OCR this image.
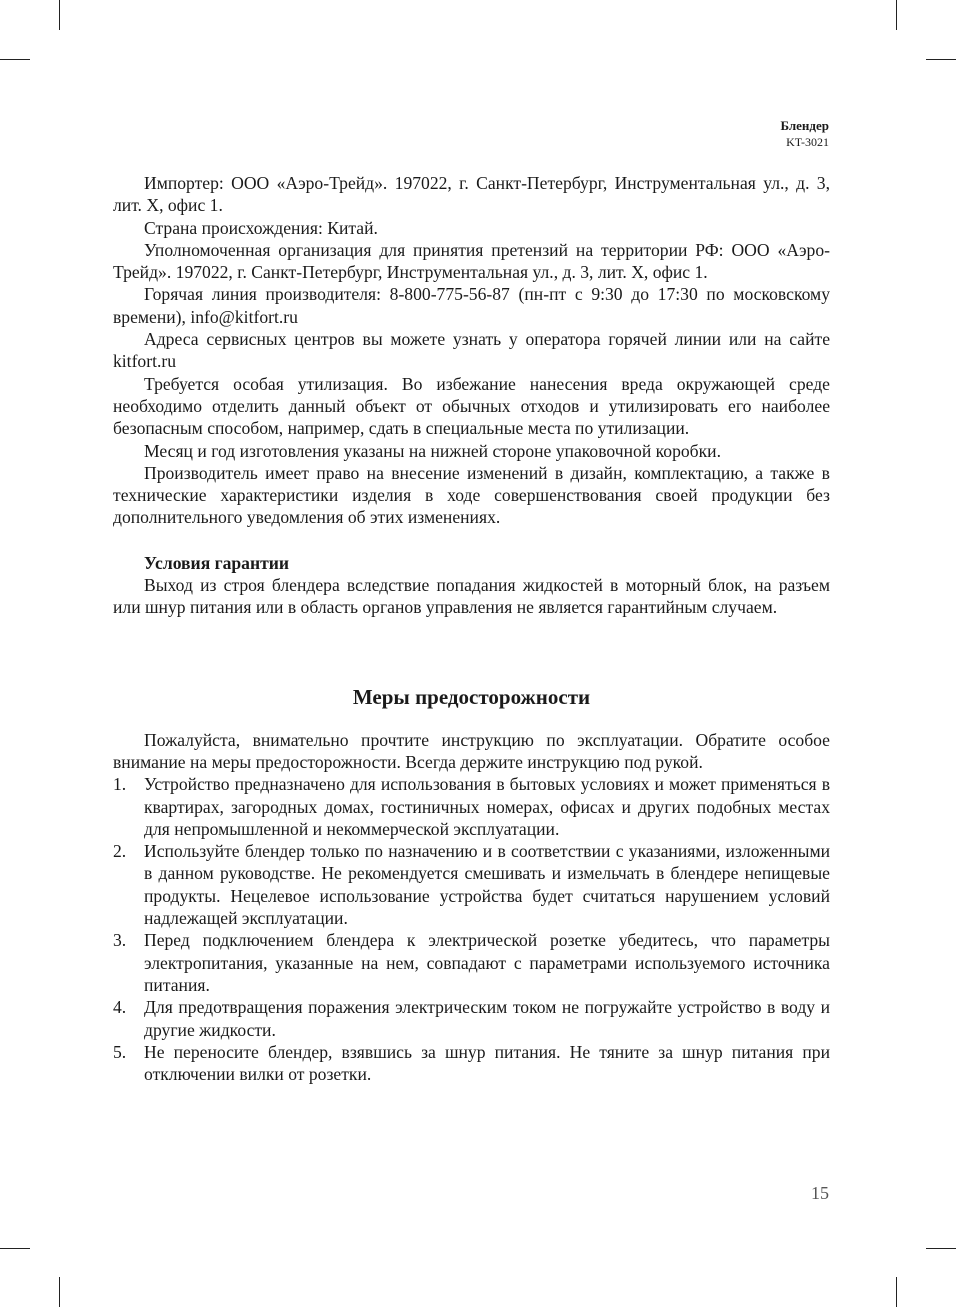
Блендер
KT-3021

Импортер: ООО «Аэро-Трейд». 197022, г. Санкт-Петербург, Инструментальная ул., д. 3, лит. Х, офис 1.

Страна происхождения: Китай.

Уполномоченная организация для принятия претензий на территории РФ: ООО «Аэро-Трейд». 197022, г. Санкт-Петербург, Инструментальная ул., д. 3, лит. Х, офис 1.

Горячая линия производителя: 8-800-775-56-87 (пн-пт с 9:30 до 17:30 по московскому времени), info@kitfort.ru

Адреса сервисных центров вы можете узнать у оператора горячей линии или на сайте kitfort.ru

Требуется особая утилизация. Во избежание нанесения вреда окружающей среде необходимо отделить данный объект от обычных отходов и утилизировать его наиболее безопасным способом, например, сдать в специальные места по утилизации.

Месяц и год изготовления указаны на нижней стороне упаковочной коробки.

Производитель имеет право на внесение изменений в дизайн, комплектацию, а также в технические характеристики изделия в ходе совершенствования своей продукции без дополнительного уведомления об этих изменениях.

Условия гарантии

Выход из строя блендера вследствие попадания жидкостей в моторный блок, на разъем или шнур питания или в область органов управления не является гарантийным случаем.

Меры предосторожности

Пожалуйста, внимательно прочтите инструкцию по эксплуатации. Обратите особое внимание на меры предосторожности. Всегда держите инструкцию под рукой.

1. Устройство предназначено для использования в бытовых условиях и может применяться в квартирах, загородных домах, гостиничных номерах, офисах и других подобных местах для непромышленной и некоммерческой эксплуатации.
2. Используйте блендер только по назначению и в соответствии с указаниями, изложенными в данном руководстве. Не рекомендуется смешивать и измельчать в блендере непищевые продукты. Нецелевое использование устройства будет считаться нарушением условий надлежащей эксплуатации.
3. Перед подключением блендера к электрической розетке убедитесь, что параметры электропитания, указанные на нем, совпадают с параметрами используемого источника питания.
4. Для предотвращения поражения электрическим током не погружайте устройство в воду и другие жидкости.
5. Не переносите блендер, взявшись за шнур питания. Не тяните за шнур питания при отключении вилки от розетки.
15
